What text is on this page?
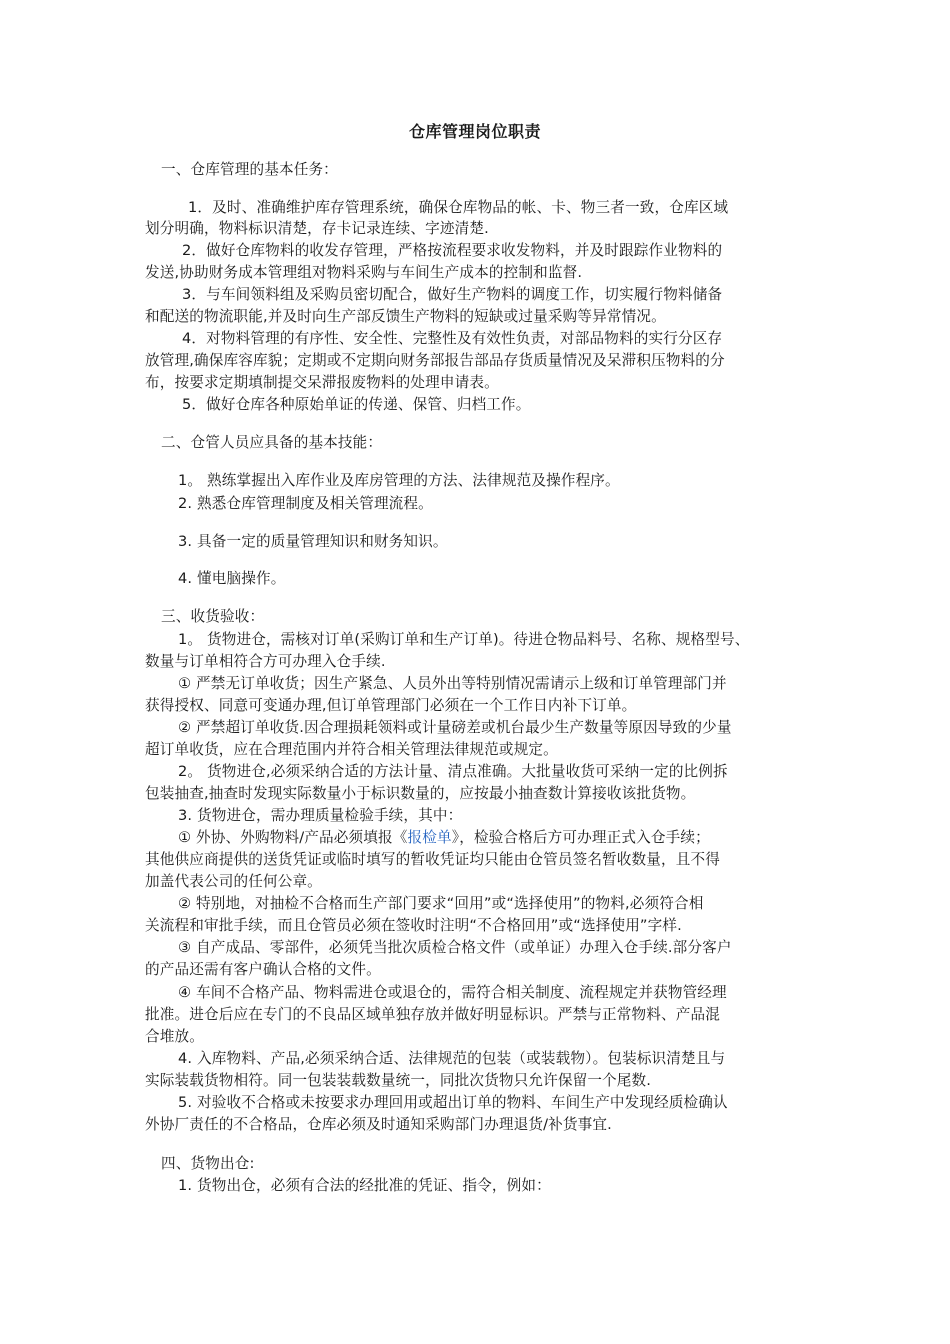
仓库管理岗位职责
一、仓库管理的基本任务：
1．及时、准确维护库存管理系统，确保仓库物品的帐、卡、物三者一致，仓库区域
划分明确，物料标识清楚，存卡记录连续、字迹清楚.
2．做好仓库物料的收发存管理，严格按流程要求收发物料，并及时跟踪作业物料的
发送,协助财务成本管理组对物料采购与车间生产成本的控制和监督.
3．与车间领料组及采购员密切配合，做好生产物料的调度工作，切实履行物料储备
和配送的物流职能,并及时向生产部反馈生产物料的短缺或过量采购等异常情况。
4．对物料管理的有序性、安全性、完整性及有效性负责，对部品物料的实行分区存
放管理,确保库容库貌；定期或不定期向财务部报告部品存货质量情况及呆滞积压物料的分
布，按要求定期填制提交呆滞报废物料的处理申请表。
5．做好仓库各种原始单证的传递、保管、归档工作。
二、仓管人员应具备的基本技能：
1。 熟练掌握出入库作业及库房管理的方法、法律规范及操作程序。
2. 熟悉仓库管理制度及相关管理流程。
3. 具备一定的质量管理知识和财务知识。
4. 懂电脑操作。
三、收货验收：
1。 货物进仓，需核对订单(采购订单和生产订单)。待进仓物品料号、名称、规格型号、
数量与订单相符合方可办理入仓手续.
① 严禁无订单收货；因生产紧急、人员外出等特别情况需请示上级和订单管理部门并
获得授权、同意可变通办理,但订单管理部门必须在一个工作日内补下订单。
② 严禁超订单收货.因合理损耗领料或计量磅差或机台最少生产数量等原因导致的少量
超订单收货，应在合理范围内并符合相关管理法律规范或规定。
2。 货物进仓,必须采纳合适的方法计量、清点准确。大批量收货可采纳一定的比例拆
包装抽查,抽查时发现实际数量小于标识数量的，应按最小抽查数计算接收该批货物。
3. 货物进仓，需办理质量检验手续，其中：
① 外协、外购物料/产品必须填报《报检单》，检验合格后方可办理正式入仓手续；
其他供应商提供的送货凭证或临时填写的暂收凭证均只能由仓管员签名暂收数量，且不得
加盖代表公司的任何公章。
② 特别地，对抽检不合格而生产部门要求“回用”或“选择使用”的物料,必须符合相
关流程和审批手续，而且仓管员必须在签收时注明“不合格回用”或“选择使用”字样.
③ 自产成品、零部件，必须凭当批次质检合格文件（或单证）办理入仓手续.部分客户
的产品还需有客户确认合格的文件。
④ 车间不合格产品、物料需进仓或退仓的，需符合相关制度、流程规定并获物管经理
批准。进仓后应在专门的不良品区域单独存放并做好明显标识。严禁与正常物料、产品混
合堆放。
4. 入库物料、产品,必须采纳合适、法律规范的包装（或装载物）。包装标识清楚且与
实际装载货物相符。同一包装装载数量统一，同批次货物只允许保留一个尾数.
5. 对验收不合格或未按要求办理回用或超出订单的物料、车间生产中发现经质检确认
外协厂责任的不合格品，仓库必须及时通知采购部门办理退货/补货事宜.
四、货物出仓:
1. 货物出仓，必须有合法的经批准的凭证、指令，例如：
